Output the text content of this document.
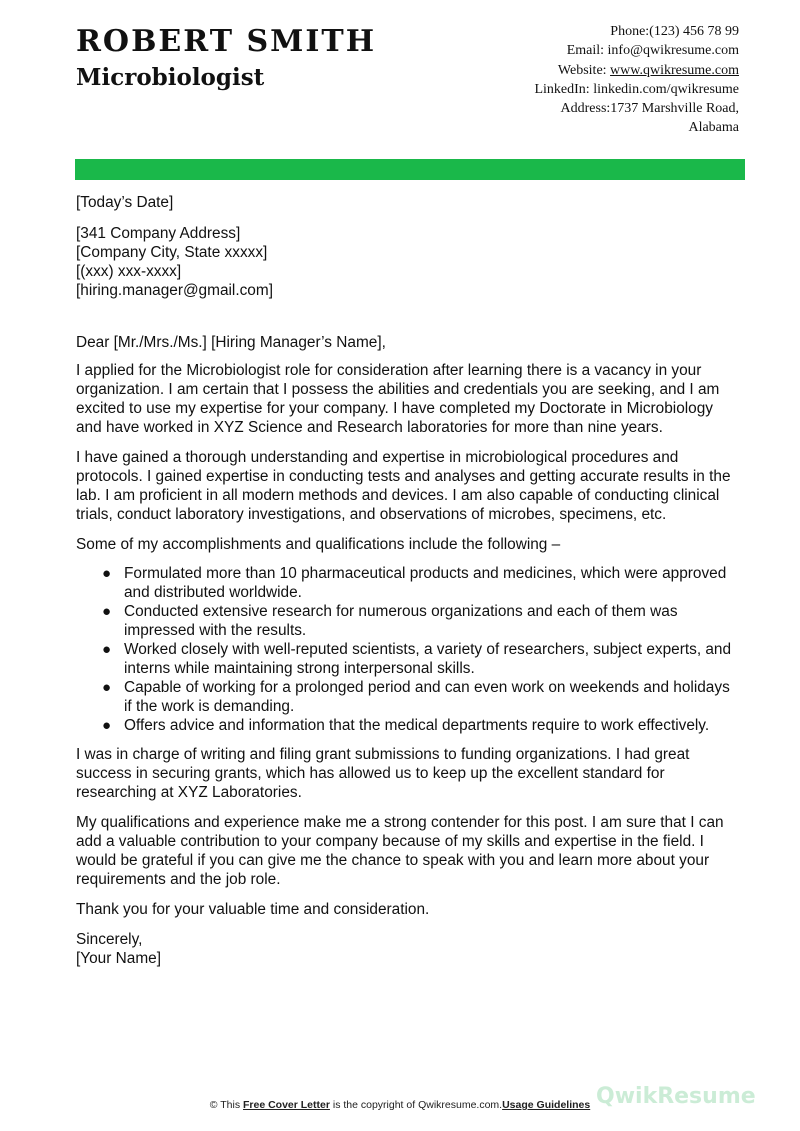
ROBERT SMITH
Microbiologist
Phone:(123) 456 78 99
Email: info@qwikresume.com
Website: www.qwikresume.com
LinkedIn: linkedin.com/qwikresume
Address:1737 Marshville Road,
Alabama

[Today’s Date]

[341 Company Address]

[Company City, State xxxxx]

[(xxx) xxx-xxxx]

[hiring.manager@gmail.com]

Dear [Mr./Mrs./Ms.] [Hiring Manager’s Name],

I applied for the Microbiologist role for consideration after learning there is a vacancy in your organization. I am certain that I possess the abilities and credentials you are seeking, and I am excited to use my expertise for your company. I have completed my Doctorate in Microbiology and have worked in XYZ Science and Research laboratories for more than nine years.

I have gained a thorough understanding and expertise in microbiological procedures and protocols. I gained expertise in conducting tests and analyses and getting accurate results in the lab. I am proficient in all modern methods and devices. I am also capable of conducting clinical trials, conduct laboratory investigations, and observations of microbes, specimens, etc.

Some of my accomplishments and qualifications include the following –

● Formulated more than 10 pharmaceutical products and medicines, which were approved and distributed worldwide.
● Conducted extensive research for numerous organizations and each of them was impressed with the results.
● Worked closely with well-reputed scientists, a variety of researchers, subject experts, and interns while maintaining strong interpersonal skills.
● Capable of working for a prolonged period and can even work on weekends and holidays if the work is demanding.
● Offers advice and information that the medical departments require to work effectively.

I was in charge of writing and filing grant submissions to funding organizations. I had great success in securing grants, which has allowed us to keep up the excellent standard for researching at XYZ Laboratories.

My qualifications and experience make me a strong contender for this post. I am sure that I can add a valuable contribution to your company because of my skills and expertise in the field. I would be grateful if you can give me the chance to speak with you and learn more about your requirements and the job role.

Thank you for your valuable time and consideration.

Sincerely,

[Your Name]

QwikResume
© This Free Cover Letter is the copyright of Qwikresume.com.Usage Guidelines
